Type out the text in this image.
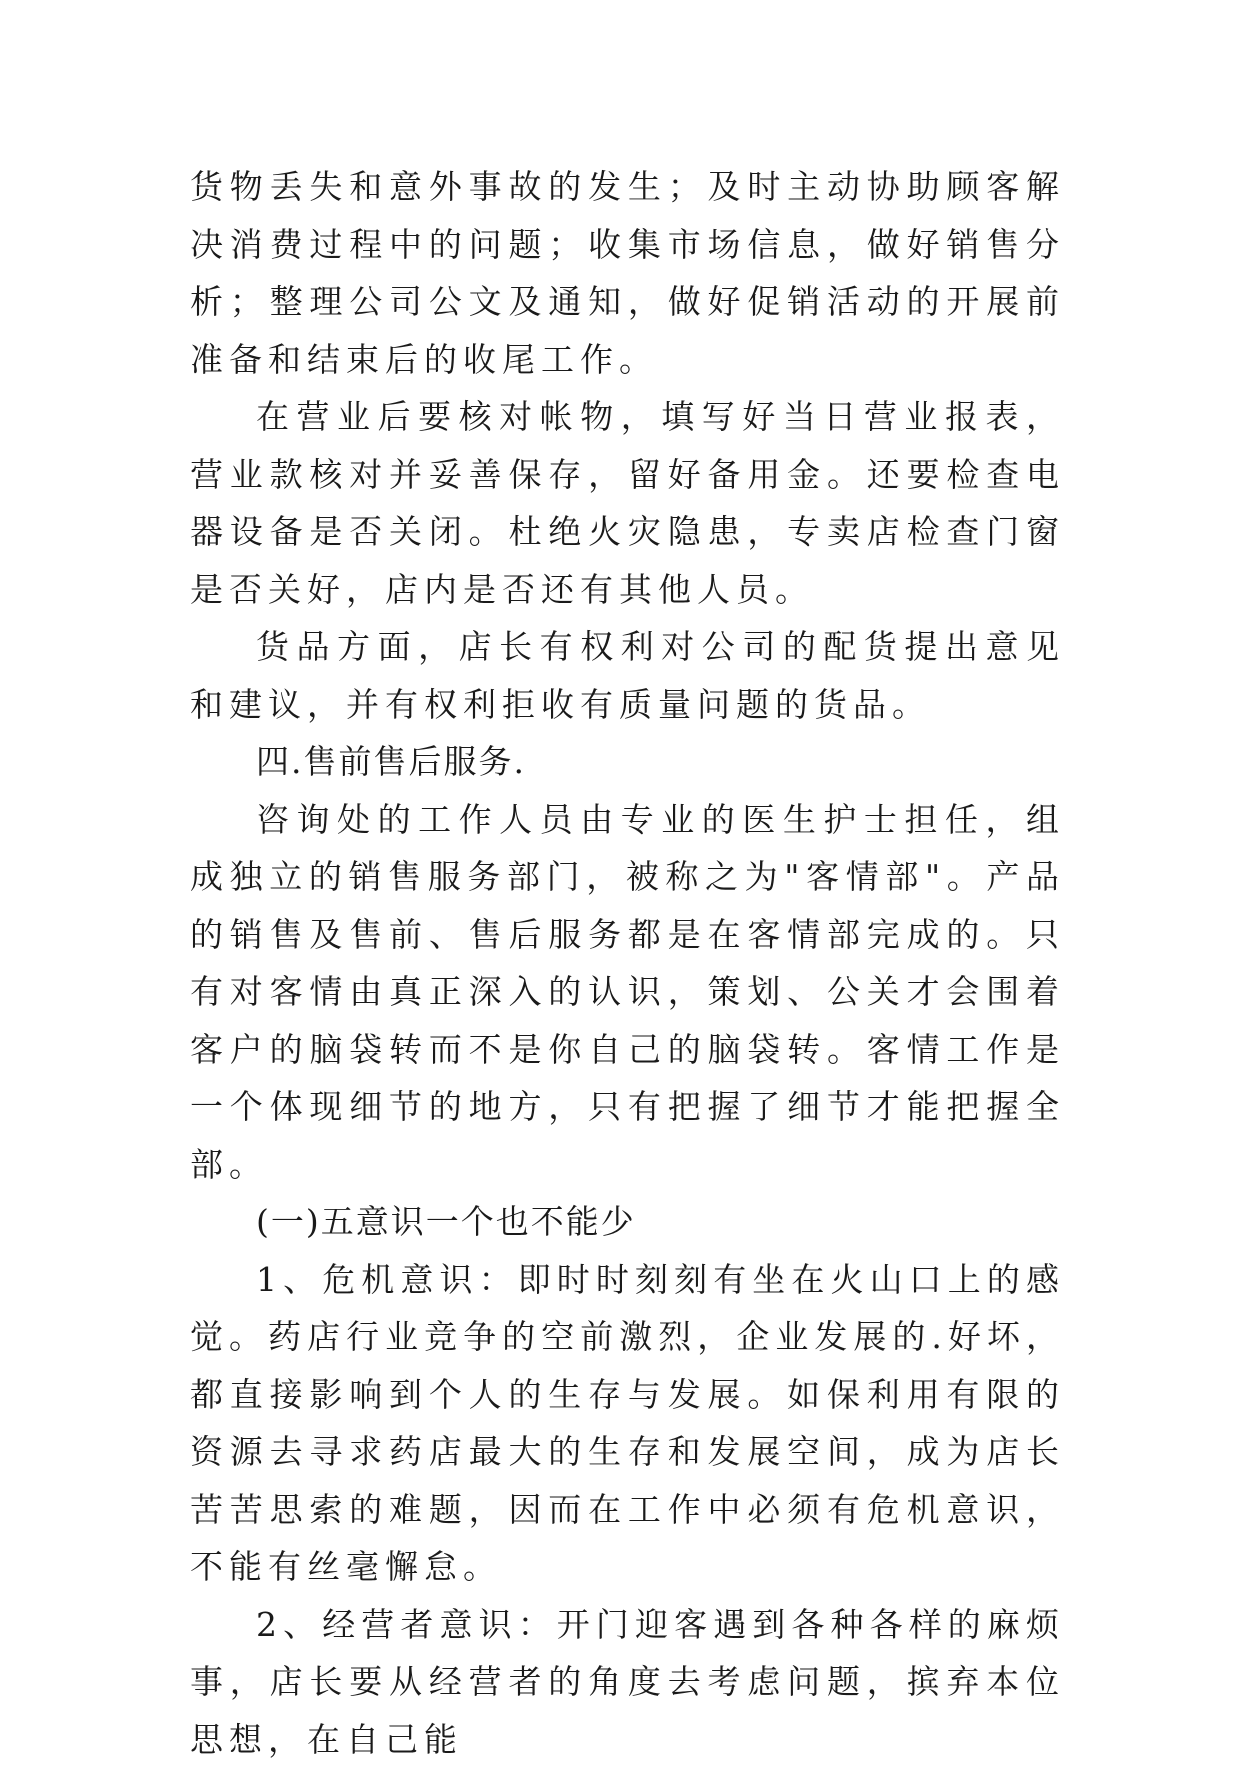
货物丢失和意外事故的发生；及时主动协助顾客解决消费过程中的问题；收集市场信息，做好销售分析；整理公司公文及通知，做好促销活动的开展前准备和结束后的收尾工作。

在营业后要核对帐物，填写好当日营业报表，营业款核对并妥善保存，留好备用金。还要检查电器设备是否关闭。杜绝火灾隐患，专卖店检查门窗是否关好，店内是否还有其他人员。

货品方面，店长有权利对公司的配货提出意见和建议，并有权利拒收有质量问题的货品。

四.售前售后服务.

咨询处的工作人员由专业的医生护士担任，组成独立的销售服务部门，被称之为"客情部"。产品的销售及售前、售后服务都是在客情部完成的。只有对客情由真正深入的认识，策划、公关才会围着客户的脑袋转而不是你自己的脑袋转。客情工作是一个体现细节的地方，只有把握了细节才能把握全部。

(一)五意识一个也不能少

1、危机意识：即时时刻刻有坐在火山口上的感觉。药店行业竞争的空前激烈，企业发展的.好坏，都直接影响到个人的生存与发展。如保利用有限的资源去寻求药店最大的生存和发展空间，成为店长苦苦思索的难题，因而在工作中必须有危机意识，不能有丝毫懈怠。

2、经营者意识：开门迎客遇到各种各样的麻烦事，店长要从经营者的角度去考虑问题，摈弃本位思想，在自己能
